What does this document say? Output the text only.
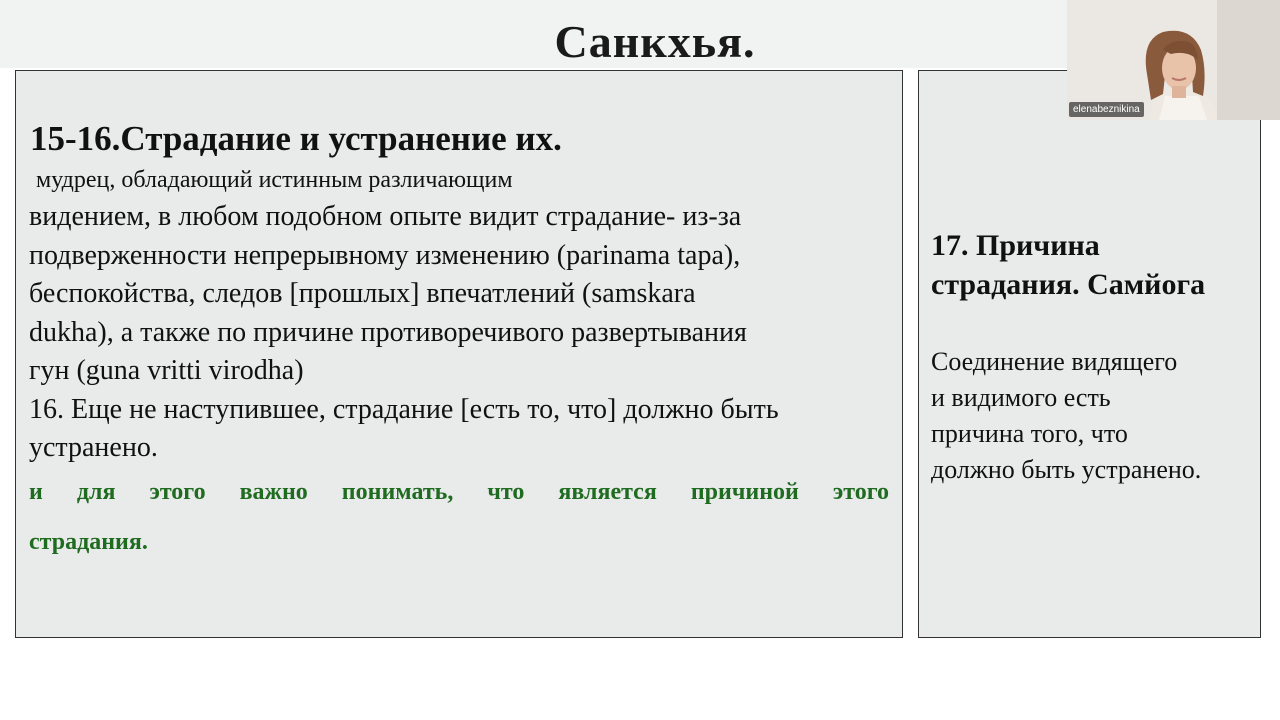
Санкхья.
15-16.Страдание и устранение их.
мудрец, обладающий истинным различающим
видением, в любом подобном опыте видит страдание- из-за
подверженности непрерывному изменению (parinama tapa),
беспокойства, следов [прошлых] впечатлений (samskara
dukha), а также по причине противоречивого развертывания
гун (guna vritti virodha)
16. Еще не наступившее, страдание [есть то, что] должно быть
устранено.
и для этого важно понимать, что является причиной этого
страдания.
17. Причина
страдания. Самйога
Соединение видящего
и видимого есть
причина того, что
должно быть устранено.
elenabeznikina
